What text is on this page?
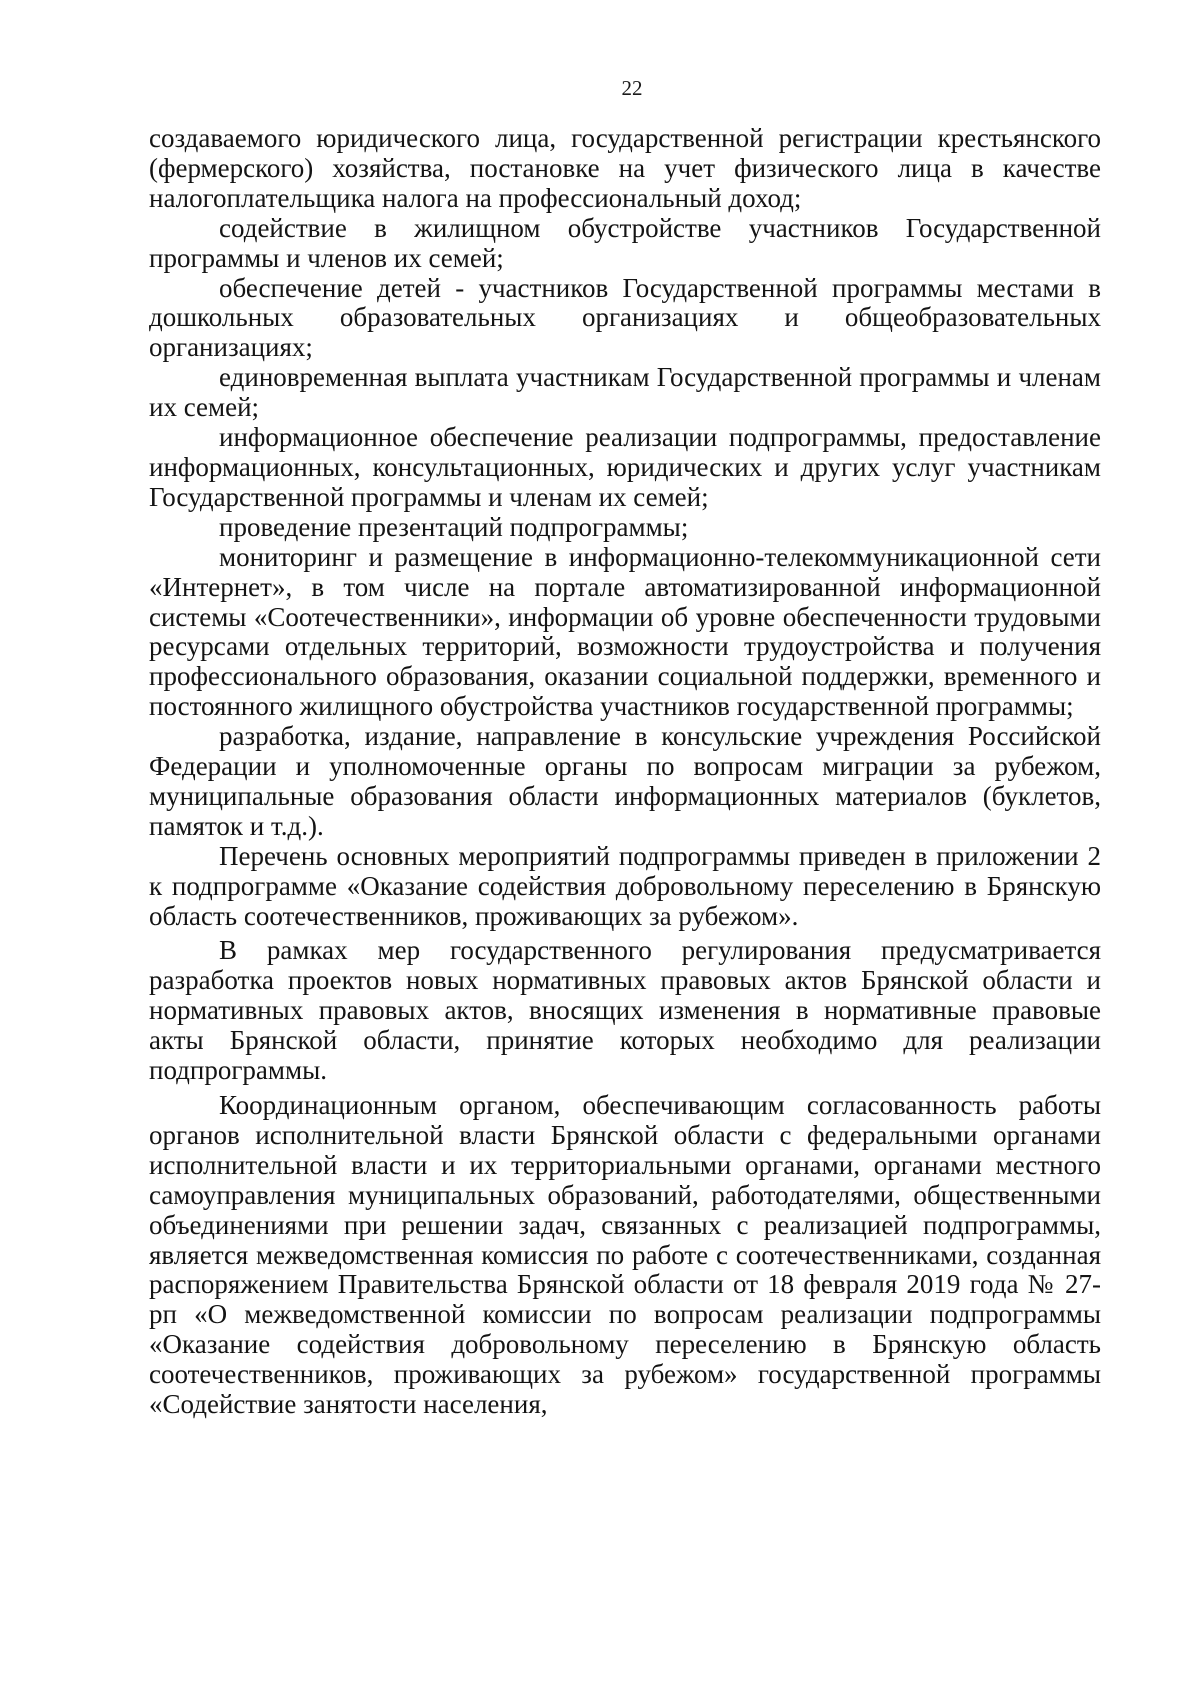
22

создаваемого юридического лица, государственной регистрации крестьянского (фермерского) хозяйства, постановке на учет физического лица в качестве налогоплательщика налога на профессиональный доход;

содействие в жилищном обустройстве участников Государственной программы и членов их семей;

обеспечение детей - участников Государственной программы местами в дошкольных образовательных организациях и общеобразовательных организациях;

единовременная выплата участникам Государственной программы и членам их семей;

информационное обеспечение реализации подпрограммы, предоставление информационных, консультационных, юридических и других услуг участникам Государственной программы и членам их семей;

проведение презентаций подпрограммы;

мониторинг и размещение в информационно-телекоммуникационной сети «Интернет», в том числе на портале автоматизированной информационной системы «Соотечественники», информации об уровне обеспеченности трудовыми ресурсами отдельных территорий, возможности трудоустройства и получения профессионального образования, оказании социальной поддержки, временного и постоянного жилищного обустройства участников государственной программы;

разработка, издание, направление в консульские учреждения Российской Федерации и уполномоченные органы по вопросам миграции за рубежом, муниципальные образования области информационных материалов (буклетов, памяток и т.д.).

Перечень основных мероприятий подпрограммы приведен в приложении 2 к подпрограмме «Оказание содействия добровольному переселению в Брянскую область соотечественников, проживающих за рубежом».

В рамках мер государственного регулирования предусматривается разработка проектов новых нормативных правовых актов Брянской области и нормативных правовых актов, вносящих изменения в нормативные правовые акты Брянской области, принятие которых необходимо для реализации подпрограммы.

Координационным органом, обеспечивающим согласованность работы органов исполнительной власти Брянской области с федеральными органами исполнительной власти и их территориальными органами, органами местного самоуправления муниципальных образований, работодателями, общественными объединениями при решении задач, связанных с реализацией подпрограммы, является межведомственная комиссия по работе с соотечественниками, созданная распоряжением Правительства Брянской области от 18 февраля 2019 года № 27-рп «О межведомственной комиссии по вопросам реализации подпрограммы «Оказание содействия добровольному переселению в Брянскую область соотечественников, проживающих за рубежом» государственной программы «Содействие занятости населения,
